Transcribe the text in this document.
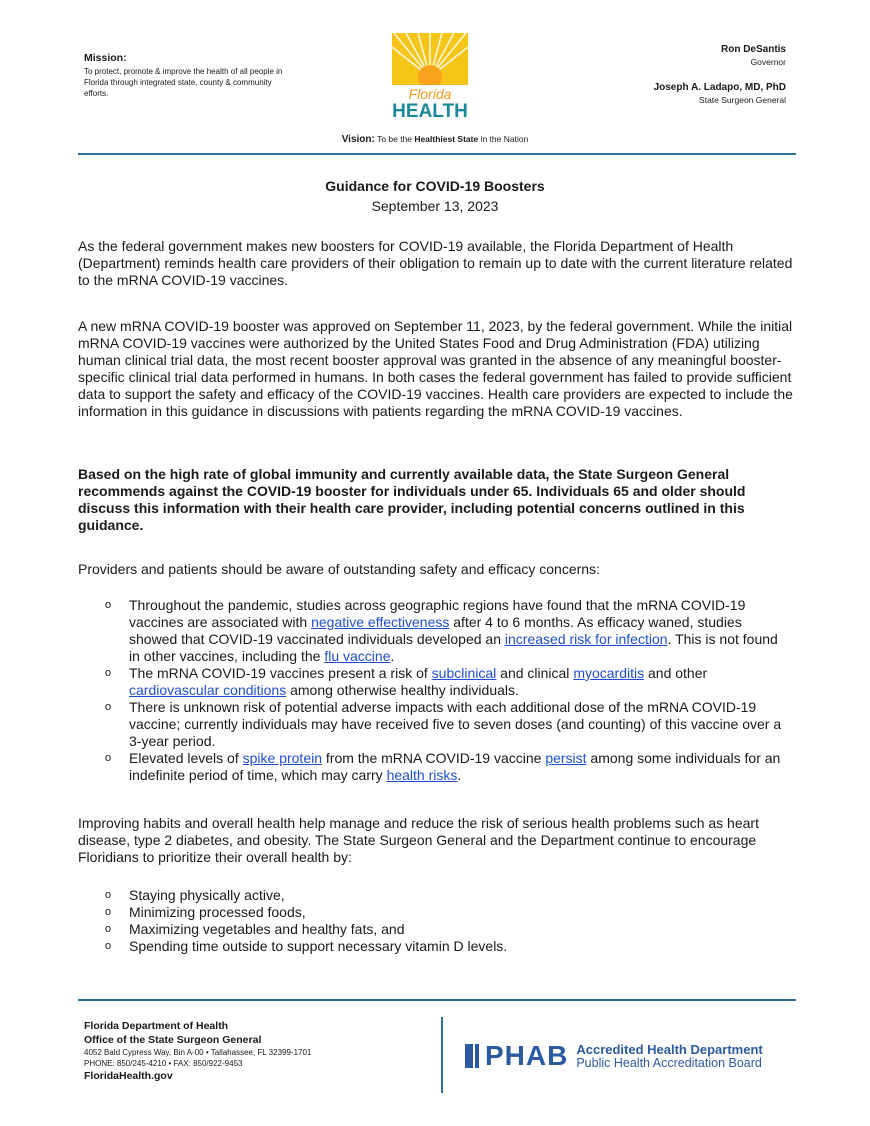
Mission:
To protect, promote & improve the health of all people in Florida through integrated state, county & community efforts.	Florida
HEALTH
Ron DeSantis
Governor
Joseph A. Ladapo, MD, PhD
State Surgeon General
Vision: To be the Healthiest State in the Nation
Guidance for COVID-19 Boosters
September 13, 2023

As the federal government makes new boosters for COVID-19 available, the Florida Department of Health (Department) reminds health care providers of their obligation to remain up to date with the current literature related to the mRNA COVID-19 vaccines.

A new mRNA COVID-19 booster was approved on September 11, 2023, by the federal government. While the initial mRNA COVID-19 vaccines were authorized by the United States Food and Drug Administration (FDA) utilizing human clinical trial data, the most recent booster approval was granted in the absence of any meaningful booster-specific clinical trial data performed in humans. In both cases the federal government has failed to provide sufficient data to support the safety and efficacy of the COVID-19 vaccines. Health care providers are expected to include the information in this guidance in discussions with patients regarding the mRNA COVID-19 vaccines.

Based on the high rate of global immunity and currently available data, the State Surgeon General recommends against the COVID-19 booster for individuals under 65. Individuals 65 and older should discuss this information with their health care provider, including potential concerns outlined in this guidance.

Providers and patients should be aware of outstanding safety and efficacy concerns:

o Throughout the pandemic, studies across geographic regions have found that the mRNA COVID-19 vaccines are associated with negative effectiveness after 4 to 6 months. As efficacy waned, studies showed that COVID-19 vaccinated individuals developed an increased risk for infection. This is not found in other vaccines, including the flu vaccine.
o The mRNA COVID-19 vaccines present a risk of subclinical and clinical myocarditis and other cardiovascular conditions among otherwise healthy individuals.
o There is unknown risk of potential adverse impacts with each additional dose of the mRNA COVID-19 vaccine; currently individuals may have received five to seven doses (and counting) of this vaccine over a 3-year period.
o Elevated levels of spike protein from the mRNA COVID-19 vaccine persist among some individuals for an indefinite period of time, which may carry health risks.

Improving habits and overall health help manage and reduce the risk of serious health problems such as heart disease, type 2 diabetes, and obesity. The State Surgeon General and the Department continue to encourage Floridians to prioritize their overall health by:

o Staying physically active,
o Minimizing processed foods,
o Maximizing vegetables and healthy fats, and
o Spending time outside to support necessary vitamin D levels.
Florida Department of Health
Office of the State Surgeon General
4052 Bald Cypress Way, Bin A-00 • Tallahassee, FL 32399-1701
PHONE: 850/245-4210 • FAX: 850/922-9453
FloridaHealth.gov
PHAB Accredited Health Department
Public Health Accreditation Board
